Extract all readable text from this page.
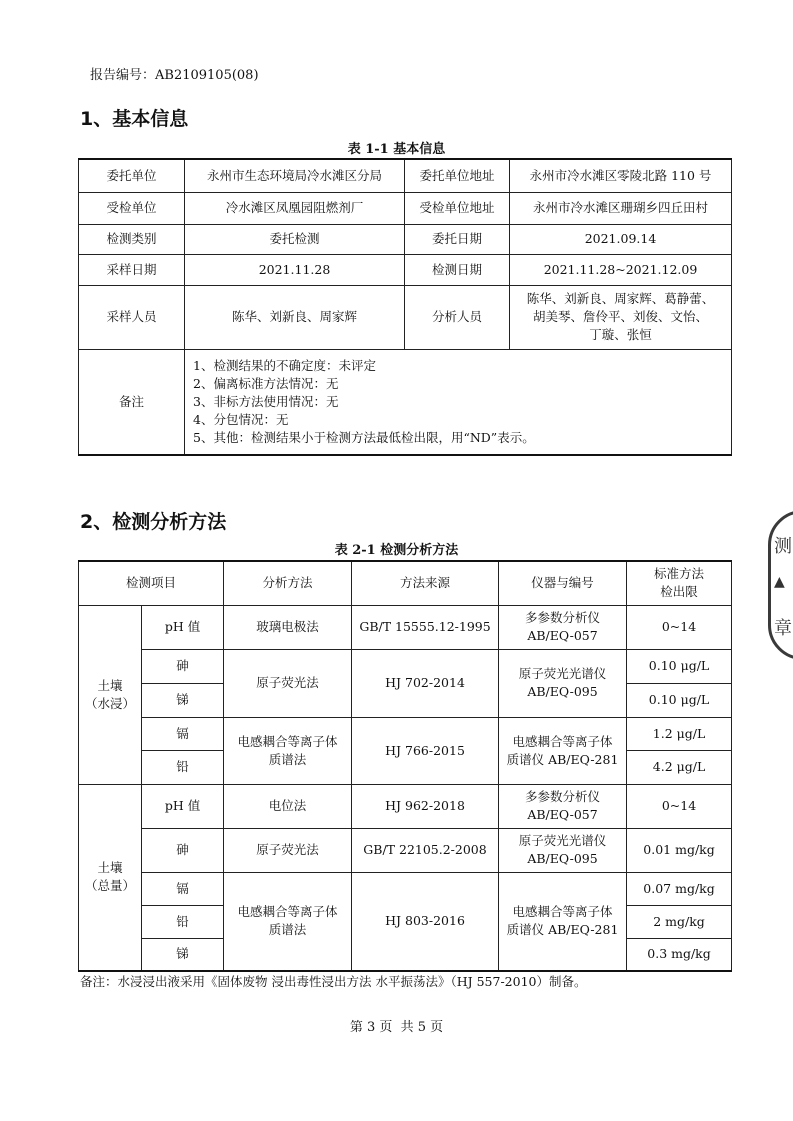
报告编号：AB2109105(08)
1、基本信息
表 1-1 基本信息
委托单位	永州市生态环境局冷水滩区分局	委托单位地址	永州市冷水滩区零陵北路 110 号
受检单位	冷水滩区凤凰园阻燃剂厂	受检单位地址	永州市冷水滩区珊瑚乡四丘田村
检测类别	委托检测	委托日期	2021.09.14
采样日期	2021.11.28	检测日期	2021.11.28~2021.12.09
采样人员	陈华、刘新良、周家辉	分析人员	陈华、刘新良、周家辉、葛静蕾、
胡美琴、詹伶平、刘俊、文怡、
丁璇、张恒

备注	1、检测结果的不确定度：未评定
2、偏离标准方法情况：无
3、非标方法使用情况：无
4、分包情况：无
5、其他：检测结果小于检测方法最低检出限，用“ND”表示。		
2、检测分析方法
表 2-1 检测分析方法
检测项目		分析方法	方法来源	仪器与编号	标准方法
检出限

土壤
（水浸）	pH 值	玻璃电极法	GB/T 15555.12-1995	多参数分析仪
AB/EQ-057	0~14
	砷	原子荧光法	HJ 702-2014	原子荧光光谱仪
AB/EQ-095	0.10 μg/L
	锑				0.10 μg/L
	镉	电感耦合等离子体
质谱法	HJ 766-2015	电感耦合等离子体
质谱仪 AB/EQ-281	1.2 μg/L
	铅				4.2 μg/L

土壤
（总量）	pH 值	电位法	HJ 962-2018	多参数分析仪
AB/EQ-057	0~14
	砷	原子荧光法	GB/T 22105.2-2008	原子荧光光谱仪
AB/EQ-095	0.01 mg/kg
	镉	电感耦合等离子体
质谱法	HJ 803-2016	电感耦合等离子体
质谱仪 AB/EQ-281	0.07 mg/kg
	铅				2 mg/kg
	锑				0.3 mg/kg
备注：水浸浸出液采用《固体废物 浸出毒性浸出方法 水平振荡法》（HJ 557-2010）制备。
第 3 页 共 5 页
测
▲
章
